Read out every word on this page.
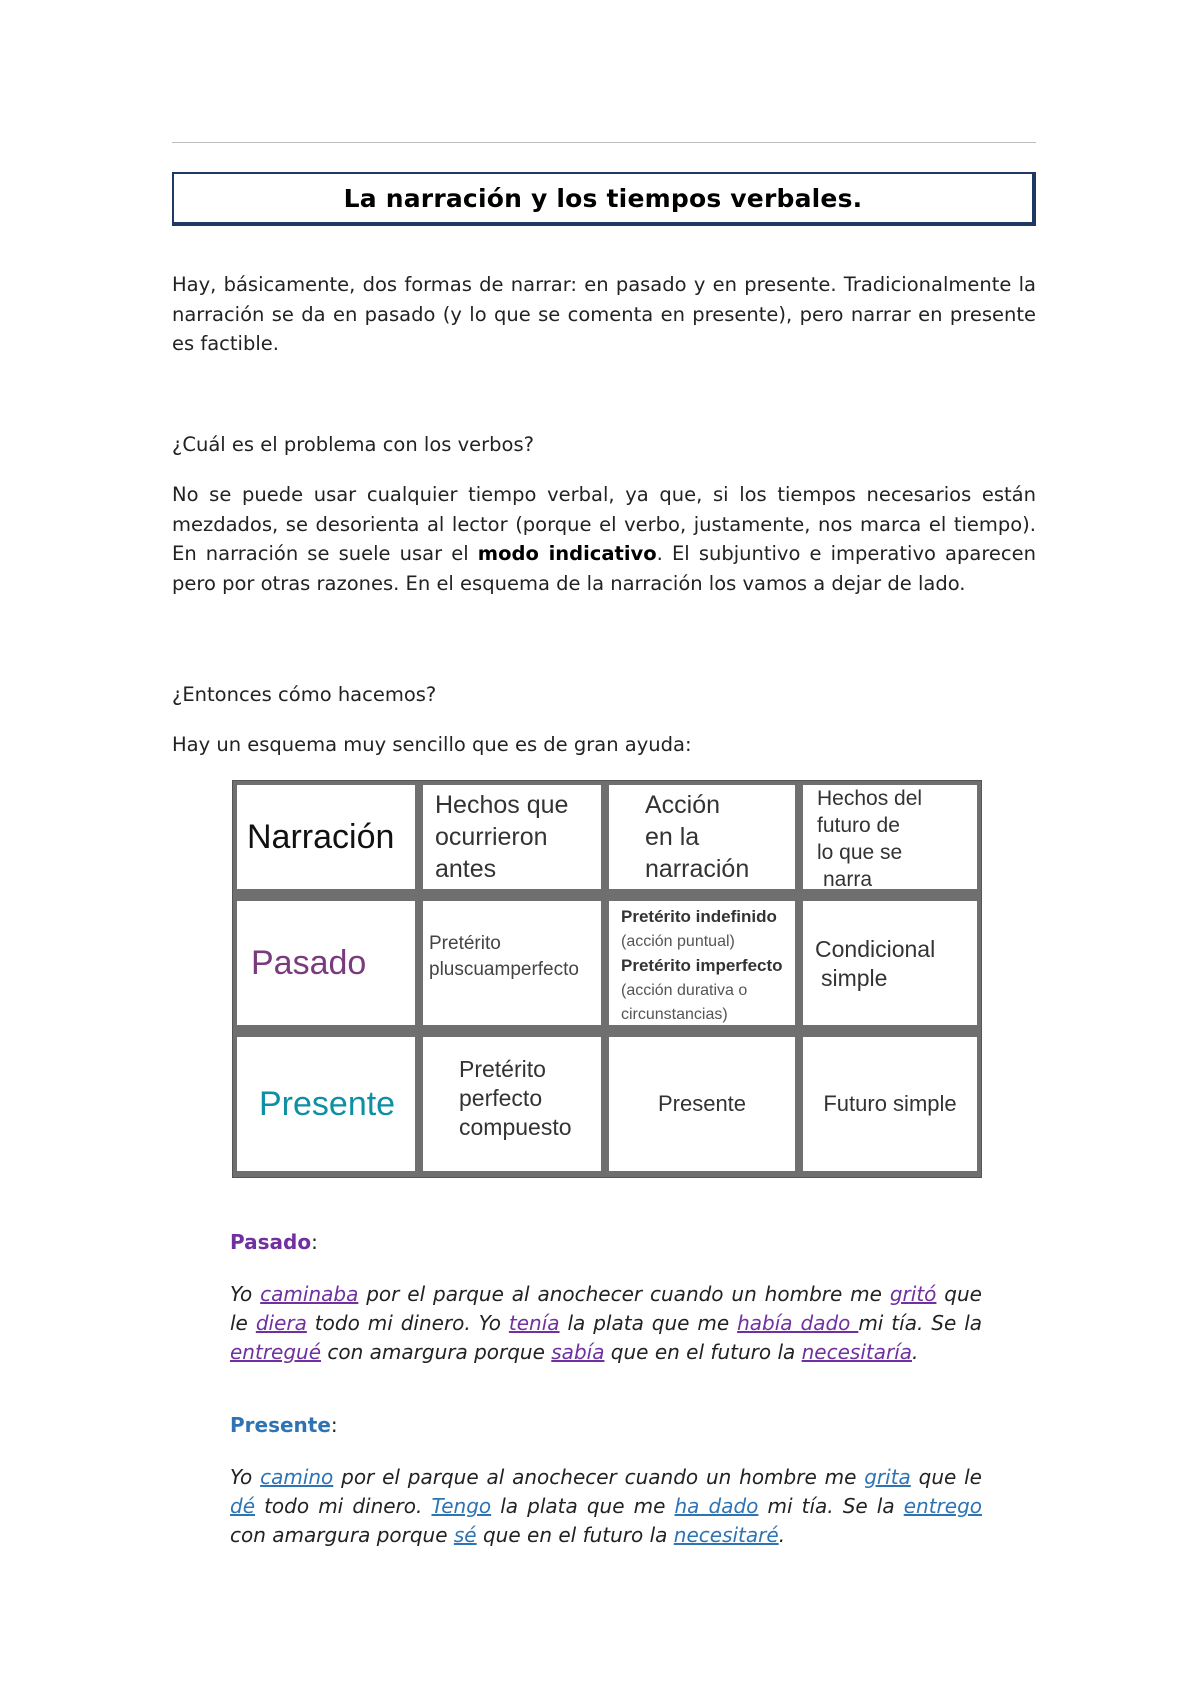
La narración y los tiempos verbales.

Hay, básicamente, dos formas de narrar: en pasado y en presente. Tradicionalmente la narración se da en pasado (y lo que se comenta en presente), pero narrar en presente es factible.

¿Cuál es el problema con los verbos?

No se puede usar cualquier tiempo verbal, ya que, si los tiempos necesarios están mezdados, se desorienta al lector (porque el verbo, justamente, nos marca el tiempo). En narración se suele usar el modo indicativo. El subjuntivo e imperativo aparecen pero por otras razones. En el esquema de la narración los vamos a dejar de lado.

¿Entonces cómo hacemos?

Hay un esquema muy sencillo que es de gran ayuda:

Narración
Hechos que
ocurrieron
antes
Acción
en la
narración
Hechos del
futuro de
lo que se
narra
Pasado	Pretérito
pluscuamperfecto
Pretérito indefinido
(acción puntual)
Pretérito imperfecto
(acción durativa o
circunstancias)
Condicional
simple
Presente
Pretérito
perfecto
compuesto
Presente	Futuro simple

Pasado:

Yo caminaba por el parque al anochecer cuando un hombre me gritó que le diera todo mi dinero. Yo tenía la plata que me había dado mi tía. Se la entregué con amargura porque sabía que en el futuro la necesitaría.

Presente:

Yo camino por el parque al anochecer cuando un hombre me grita que le dé todo mi dinero. Tengo la plata que me ha dado mi tía. Se la entrego con amargura porque sé que en el futuro la necesitaré.
